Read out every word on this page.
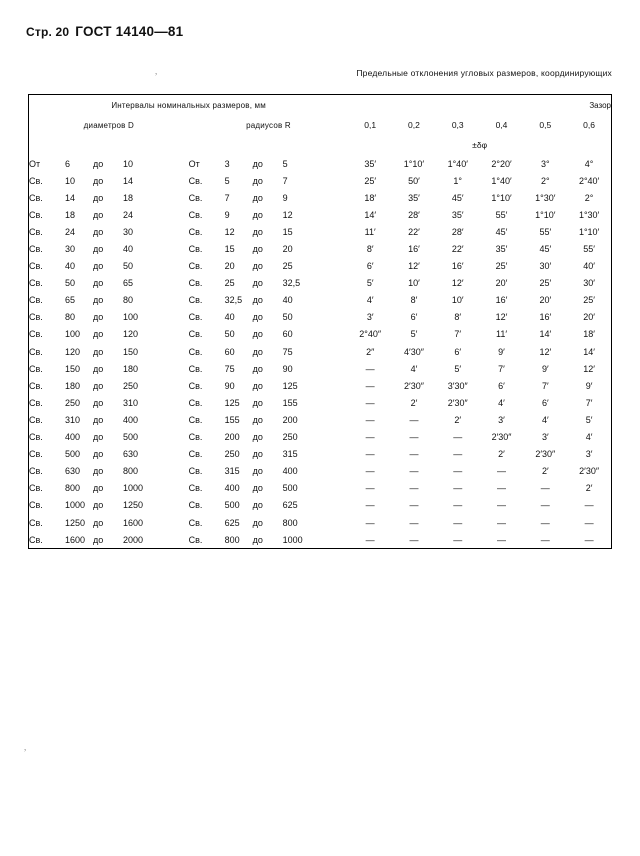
Стр. 20 ГОСТ 14140—81
Предельные отклонения угловых размеров, координирующих
Интервалы номинальных размеров, мм		Зазор					
диаметров D	радиусов R	0,1	0,2	0,3	0,4	0,5	0,6
		±δφ					
От 6 до 10	От 3 до 5	35′	1°10′	1°40′	2°20′	3°	4°
Св. 10 до 14	Св. 5 до 7	25′	50′	1°	1°40′	2°	2°40′
Св. 14 до 18	Св. 7 до 9	18′	35′	45′	1°10′	1°30′	2°
Св. 18 до 24	Св. 9 до 12	14′	28′	35′	55′	1°10′	1°30′
Св. 24 до 30	Св. 12 до 15	11′	22′	28′	45′	55′	1°10′
Св. 30 до 40	Св. 15 до 20	8′	16′	22′	35′	45′	55′
Св. 40 до 50	Св. 20 до 25	6′	12′	16′	25′	30′	40′
Св. 50 до 65	Св. 25 до 32,5	5′	10′	12′	20′	25′	30′
Св. 65 до 80	Св. 32,5 до 40	4′	8′	10′	16′	20′	25′
Св. 80 до 100	Св. 40 до 50	3′	6′	8′	12′	16′	20′
Св. 100 до 120	Св. 50 до 60	2°40″	5′	7′	11′	14′	18′
Св. 120 до 150	Св. 60 до 75	2″	4′30″	6′	9′	12′	14′
Св. 150 до 180	Св. 75 до 90	—	4′	5′	7′	9′	12′
Св. 180 до 250	Св. 90 до 125	—	2′30″	3′30″	6′	7′	9′
Св. 250 до 310	Св. 125 до 155	—	2′	2′30″	4′	6′	7′
Св. 310 до 400	Св. 155 до 200	—	—	2′	3′	4′	5′
Св. 400 до 500	Св. 200 до 250	—	—	—	2′30″	3′	4′
Св. 500 до 630	Св. 250 до 315	—	—	—	2′	2′30″	3′
Св. 630 до 800	Св. 315 до 400	—	—	—	—	2′	2′30″
Св. 800 до 1000	Св. 400 до 500	—	—	—	—	—	2′
Св. 1000 до 1250	Св. 500 до 625	—	—	—	—	—	—
Св. 1250 до 1600	Св. 625 до 800	—	—	—	—	—	—
Св. 1600 до 2000	Св. 800 до 1000	—	—	—	—	—	—
,
,
